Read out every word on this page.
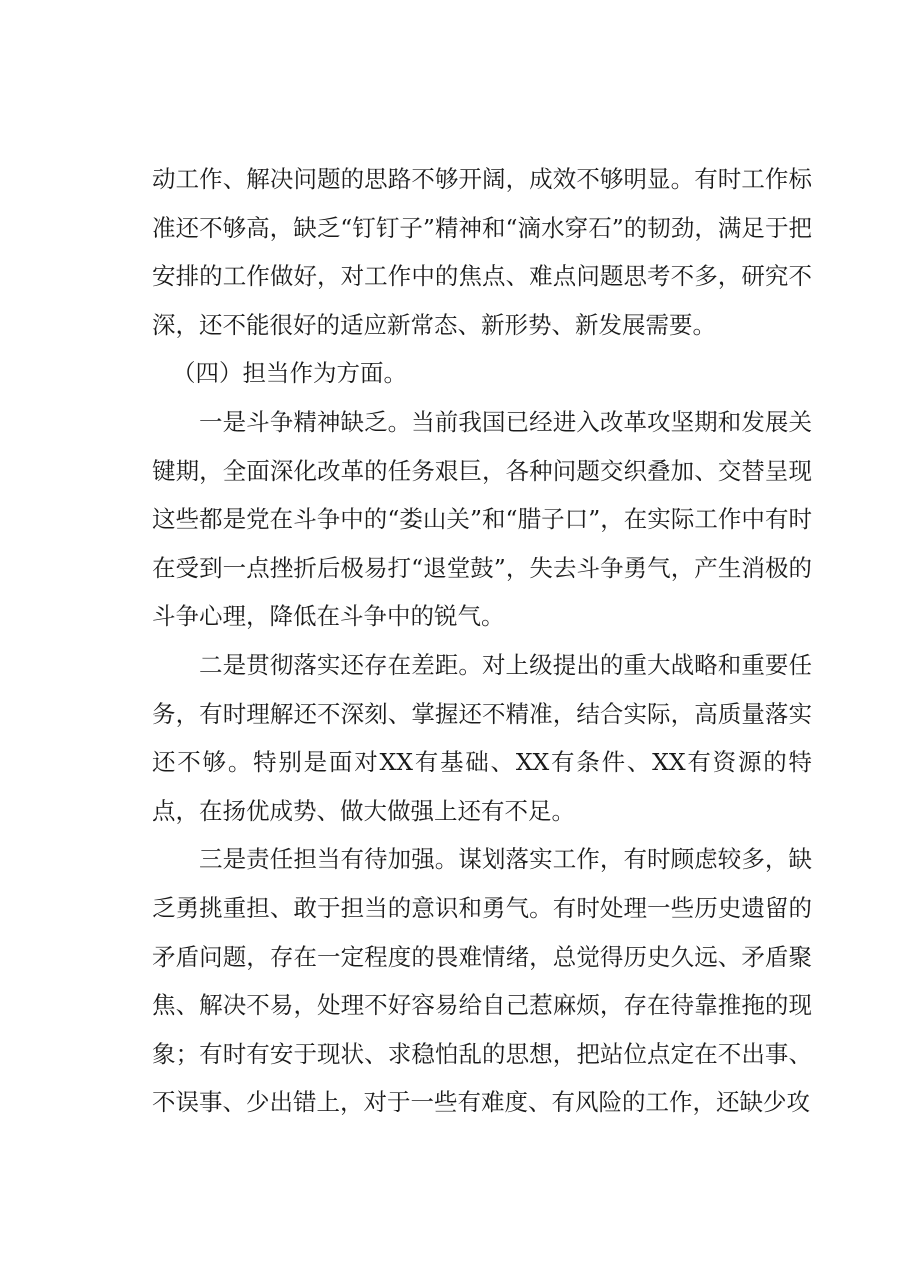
动工作、解决问题的思路不够开阔，成效不够明显。有时工作标准还不够高，缺乏“钉钉子”精神和“滴水穿石”的韧劲，满足于把安排的工作做好，对工作中的焦点、难点问题思考不多，研究不深，还不能很好的适应新常态、新形势、新发展需要。

（四）担当作为方面。

一是斗争精神缺乏。当前我国已经进入改革攻坚期和发展关键期，全面深化改革的任务艰巨，各种问题交织叠加、交替呈现这些都是党在斗争中的“娄山关”和“腊子口”，在实际工作中有时在受到一点挫折后极易打“退堂鼓”，失去斗争勇气，产生消极的斗争心理，降低在斗争中的锐气。

二是贯彻落实还存在差距。对上级提出的重大战略和重要任务，有时理解还不深刻、掌握还不精准，结合实际，高质量落实还不够。特别是面对XX有基础、XX有条件、XX有资源的特点，在扬优成势、做大做强上还有不足。

三是责任担当有待加强。谋划落实工作，有时顾虑较多，缺乏勇挑重担、敢于担当的意识和勇气。有时处理一些历史遗留的矛盾问题，存在一定程度的畏难情绪，总觉得历史久远、矛盾聚焦、解决不易，处理不好容易给自己惹麻烦，存在待靠推拖的现象；有时有安于现状、求稳怕乱的思想，把站位点定在不出事、不误事、少出错上，对于一些有难度、有风险的工作，还缺少攻
